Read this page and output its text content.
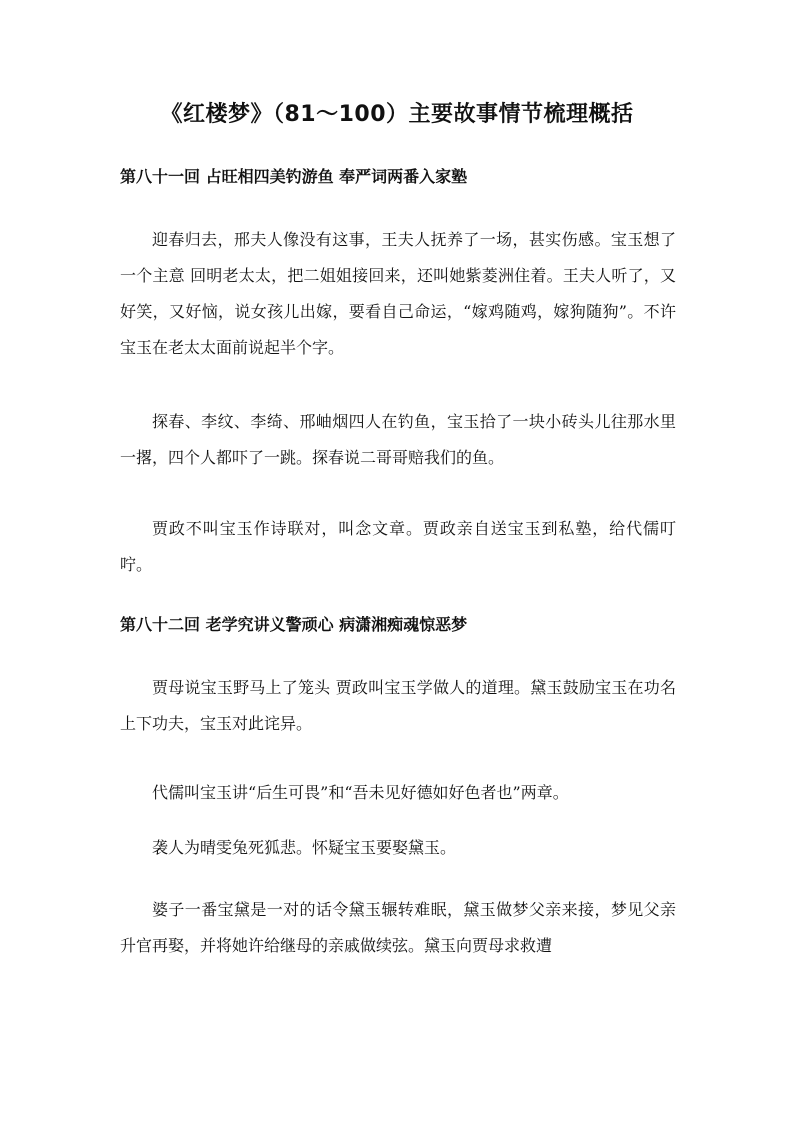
《红楼梦》（81～100）主要故事情节梳理概括
第八十一回 占旺相四美钓游鱼 奉严词两番入家塾

迎春归去，邢夫人像没有这事，王夫人抚养了一场，甚实伤感。宝玉想了一个主意 回明老太太，把二姐姐接回来，还叫她紫菱洲住着。王夫人听了，又好笑，又好恼，说女孩儿出嫁，要看自己命运，“嫁鸡随鸡，嫁狗随狗”。不许宝玉在老太太面前说起半个字。

探春、李纹、李绮、邢岫烟四人在钓鱼，宝玉拾了一块小砖头儿往那水里一撂，四个人都吓了一跳。探春说二哥哥赔我们的鱼。

贾政不叫宝玉作诗联对，叫念文章。贾政亲自送宝玉到私塾，给代儒叮咛。

第八十二回 老学究讲义警顽心 病潇湘痴魂惊恶梦

贾母说宝玉野马上了笼头 贾政叫宝玉学做人的道理。黛玉鼓励宝玉在功名上下功夫，宝玉对此诧异。

代儒叫宝玉讲“后生可畏”和“吾未见好德如好色者也”两章。

袭人为晴雯兔死狐悲。怀疑宝玉要娶黛玉。

婆子一番宝黛是一对的话令黛玉辗转难眠，黛玉做梦父亲来接，梦见父亲升官再娶，并将她许给继母的亲戚做续弦。黛玉向贾母求救遭
